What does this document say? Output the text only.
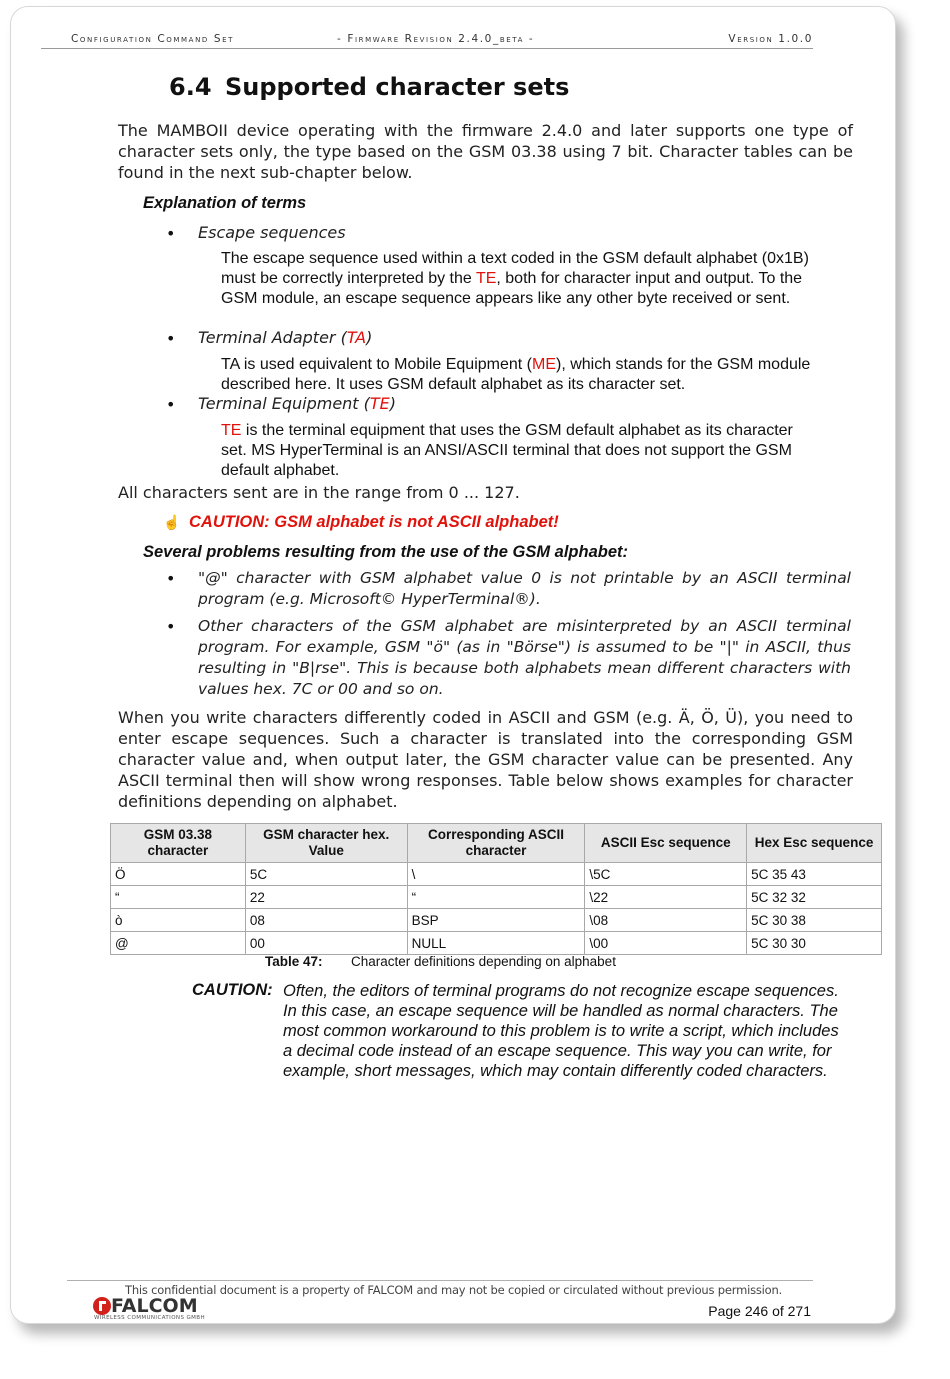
Configuration Command Set	- Firmware Revision 2.4.0_beta -	Version 1.0.0
6.4 Supported character sets

The MAMBOII device operating with the firmware 2.4.0 and later supports one type of character sets only, the type based on the GSM 03.38 using 7 bit. Character tables can be found in the next sub-chapter below.

Explanation of terms
• Escape sequences

The escape sequence used within a text coded in the GSM default alphabet (0x1B) must be correctly interpreted by the TE, both for character input and output. To the GSM module, an escape sequence appears like any other byte received or sent.

• Terminal Adapter (TA)

TA is used equivalent to Mobile Equipment (ME), which stands for the GSM module described here. It uses GSM default alphabet as its character set.

• Terminal Equipment (TE)

TE is the terminal equipment that uses the GSM default alphabet as its character set. MS HyperTerminal is an ANSI/ASCII terminal that does not support the GSM default alphabet.

All characters sent are in the range from 0 ... 127.

☝ CAUTION: GSM alphabet is not ASCII alphabet!
Several problems resulting from the use of the GSM alphabet:
• "@" character with GSM alphabet value 0 is not printable by an ASCII terminal program (e.g. Microsoft© HyperTerminal®).

• Other characters of the GSM alphabet are misinterpreted by an ASCII terminal program. For example, GSM "ö" (as in "Börse") is assumed to be "|" in ASCII, thus resulting in "B|rse". This is because both alphabets mean different characters with values hex. 7C or 00 and so on.

When you write characters differently coded in ASCII and GSM (e.g. Ä, Ö, Ü), you need to enter escape sequences. Such a character is translated into the corresponding GSM character value and, when output later, the GSM character value can be presented. Any ASCII terminal then will show wrong responses. Table below shows examples for character definitions depending on alphabet.

GSM 03.38 character	GSM character hex. Value	Corresponding ASCII character	ASCII Esc sequence	Hex Esc sequence
Ö	5C	\	\5C	5C 35 43
“	22	“	\22	5C 32 32
ò	08	BSP	\08	5C 30 38
@	00	NULL	\00	5C 30 30
Table 47: Character definitions depending on alphabet
CAUTION: Often, the editors of terminal programs do not recognize escape sequences. In this case, an escape sequence will be handled as normal characters. The most common workaround to this problem is to write a script, which includes a decimal code instead of an escape sequence. This way you can write, for example, short messages, which may contain differently coded characters.

This confidential document is a property of FALCOM and may not be copied or circulated without previous permission.
FALCOM
WIRELESS COMMUNICATIONS GMBH	Page 246 of 271
